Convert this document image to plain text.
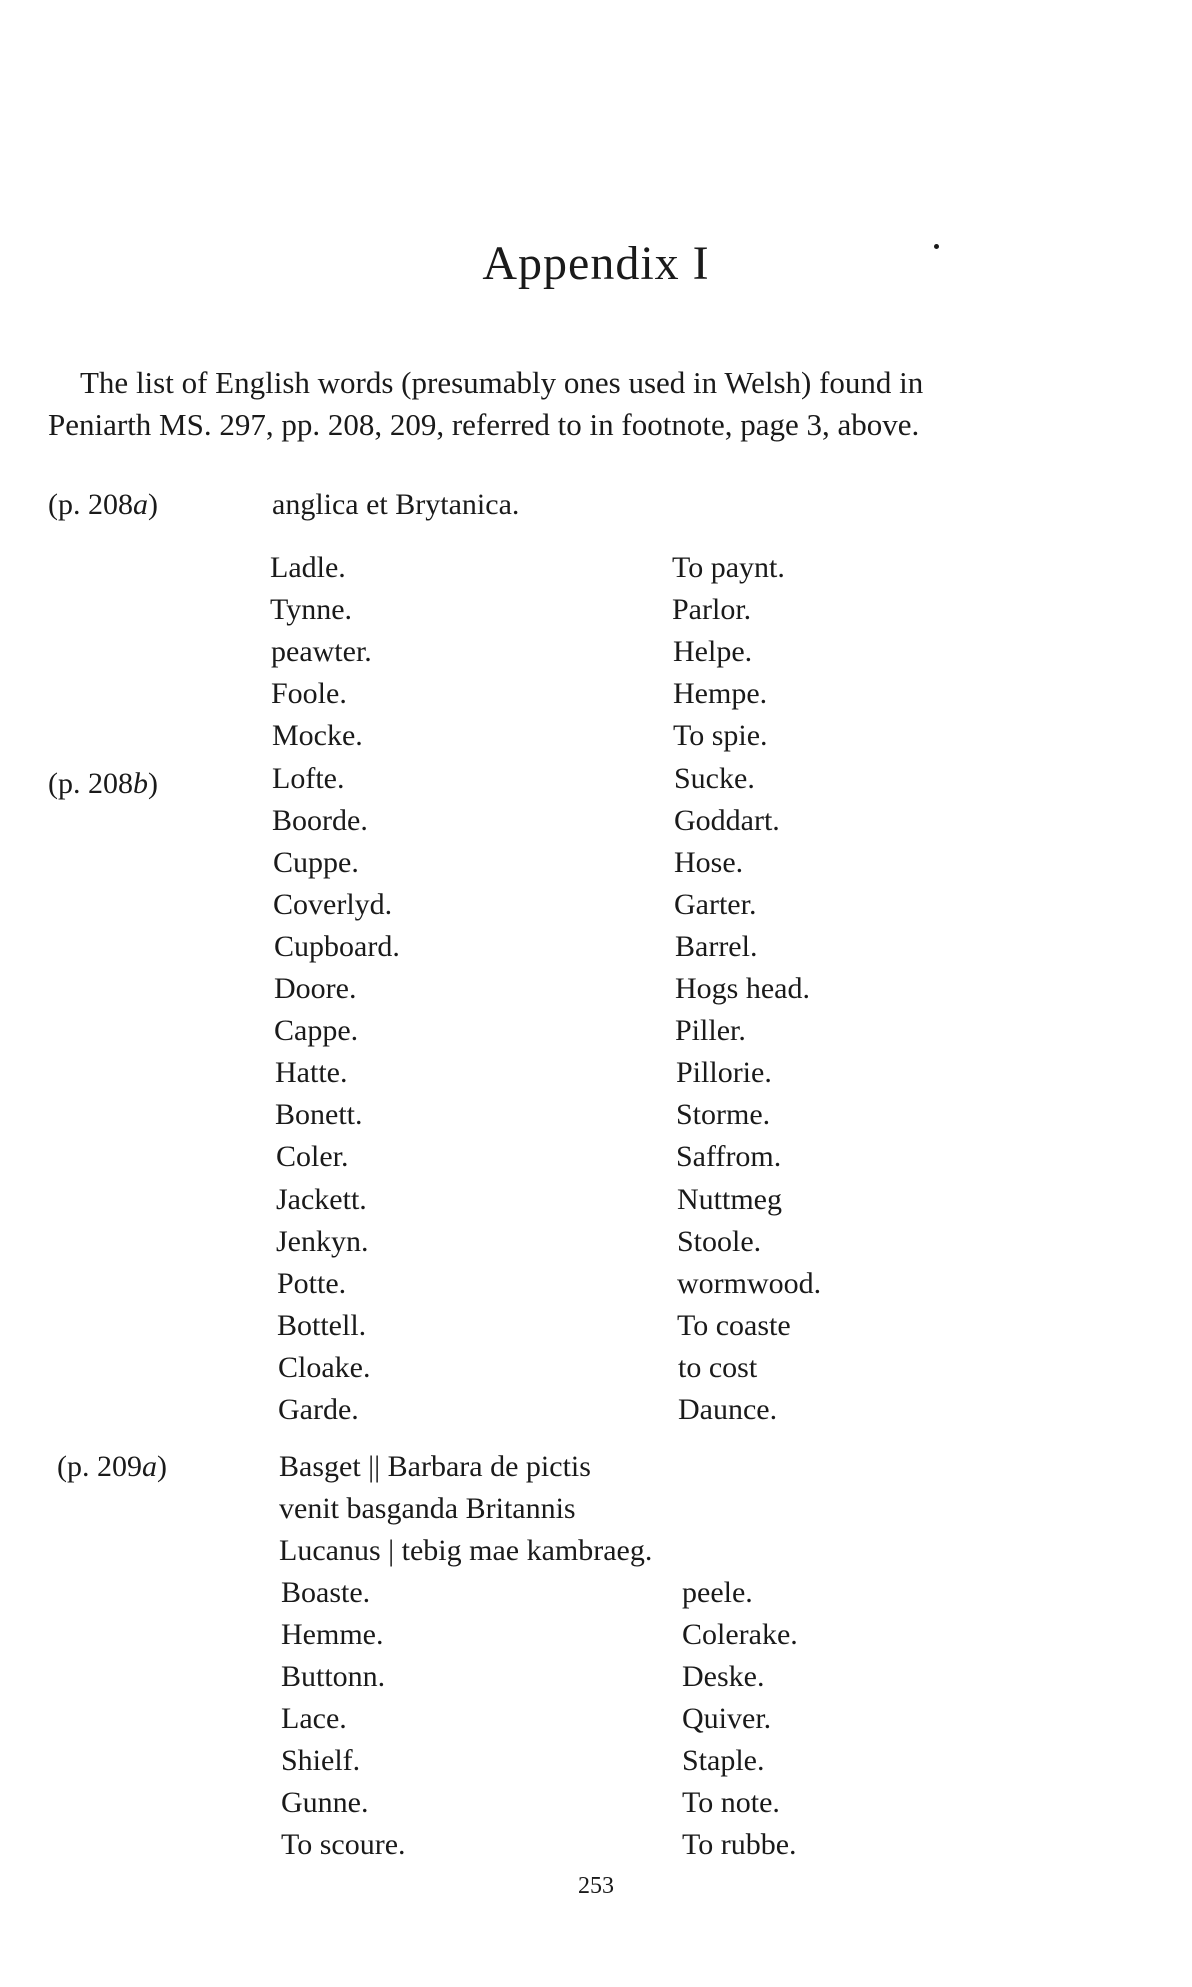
Appendix I

The list of English words (presumably ones used in Welsh) found in
Peniarth MS. 297, pp. 208, 209, referred to in footnote, page 3, above.

(p. 208a)	anglica et Brytanica.
(p. 208b)
Ladle.
Tynne.
peawter.
Foole.
Mocke.
Lofte.
Boorde.
Cuppe.
Coverlyd.
Cupboard.
Doore.
Cappe.
Hatte.
Bonett.
Coler.
Jackett.
Jenkyn.
Potte.
Bottell.
Cloake.
Garde.
To paynt.
Parlor.
Helpe.
Hempe.
To spie.
Sucke.
Goddart.
Hose.
Garter.
Barrel.
Hogs head.
Piller.
Pillorie.
Storme.
Saffrom.
Nuttmeg
Stoole.
wormwood.
To coaste
to cost
Daunce.
(p. 209a)	Basget || Barbara de pictis
venit basganda Britannis
Lucanus | tebig mae kambraeg.
Boaste.
Hemme.
Buttonn.
Lace.
Shielf.
Gunne.
To scoure.
peele.
Colerake.
Deske.
Quiver.
Staple.
To note.
To rubbe.
253
